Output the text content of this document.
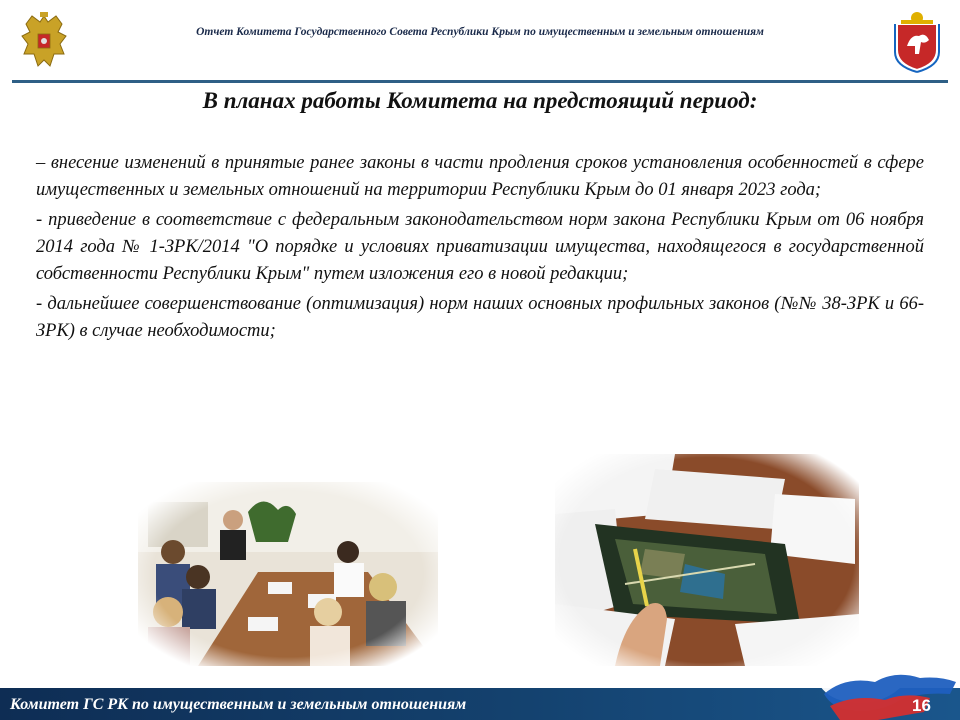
Отчет Комитета Государственного Совета Республики Крым по имущественным и земельным отношениям
В планах работы Комитета на предстоящий период:

– внесение изменений в принятые ранее законы в части продления сроков установления особенностей в сфере имущественных и земельных отношений на территории Республики Крым до 01 января 2023 года;

- приведение в соответствие с федеральным законодательством норм закона Республики Крым от 06 ноября 2014 года № 1-ЗРК/2014 "О порядке и условиях приватизации имущества, находящегося в государственной собственности Республики Крым" путем изложения его в новой редакции;

- дальнейшее совершенствование (оптимизация) норм наших основных профильных законов (№№ 38-ЗРК и 66-ЗРК) в случае необходимости;

Комитет ГС РК по имущественным и земельным отношениям	16
